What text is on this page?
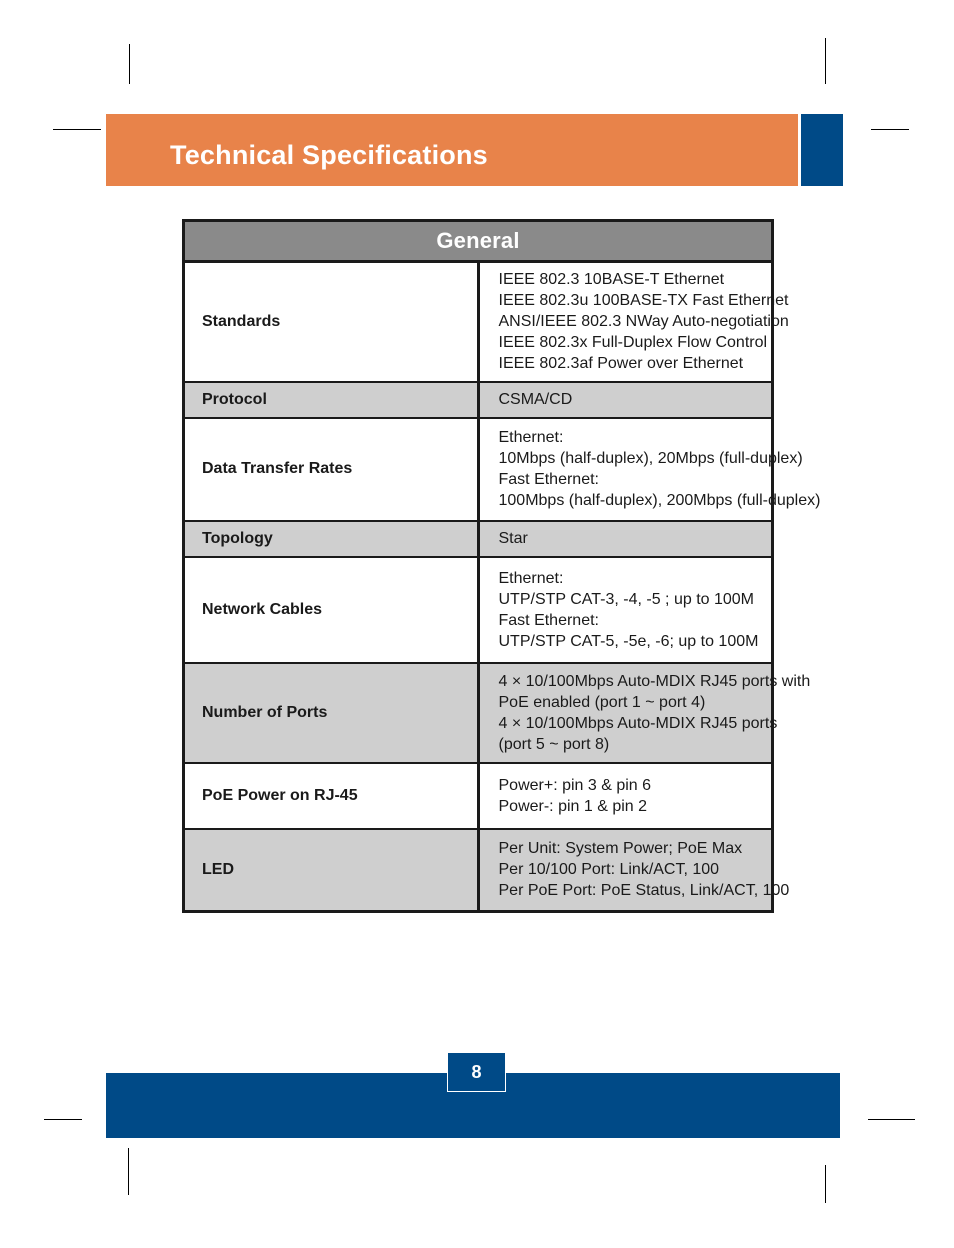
Technical Specifications
General	
Standards	IEEE 802.3 10BASE-T Ethernet
IEEE 802.3u 100BASE-TX Fast Ethernet
ANSI/IEEE 802.3 NWay Auto-negotiation
IEEE 802.3x Full-Duplex Flow Control
IEEE 802.3af Power over Ethernet

Protocol	CSMA/CD

Data Transfer Rates	Ethernet:
10Mbps (half-duplex), 20Mbps (full-duplex)
Fast Ethernet:
100Mbps (half-duplex), 200Mbps (full-duplex)

Topology	Star

Network Cables	Ethernet:
UTP/STP CAT-3, -4, -5 ; up to 100M
Fast Ethernet:
UTP/STP CAT-5, -5e, -6; up to 100M

Number of Ports	4 × 10/100Mbps Auto-MDIX RJ45 ports with
PoE enabled (port 1 ~ port 4)
4 × 10/100Mbps Auto-MDIX RJ45 ports
(port 5 ~ port 8)

PoE Power on RJ-45	Power+: pin 3 & pin 6
Power-: pin 1 & pin 2

LED	Per Unit: System Power; PoE Max
Per 10/100 Port: Link/ACT, 100
Per PoE Port: PoE Status, Link/ACT, 100
8
